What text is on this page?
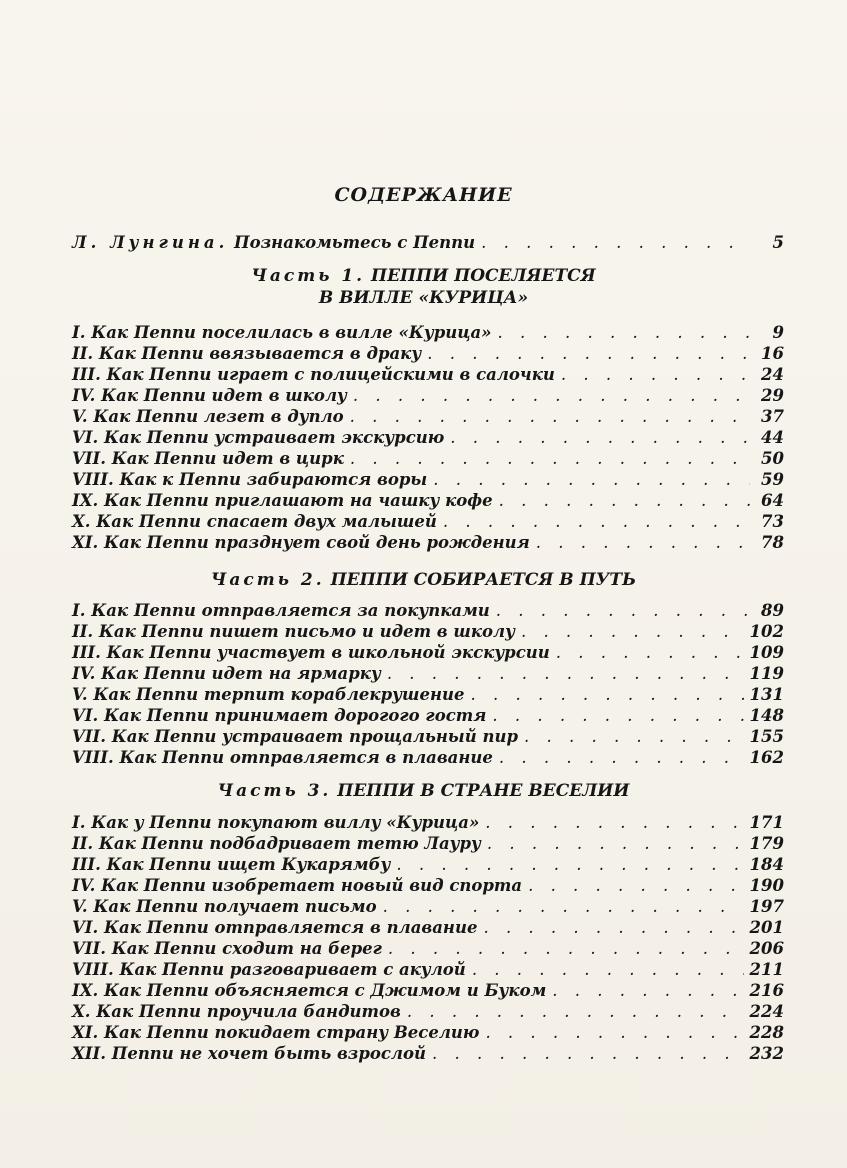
СОДЕРЖАНИЕ
Л. Лунгина. Познакомьтесь с Пеппи . . .	5
Часть 1. ПЕППИ ПОСЕЛЯЕТСЯ
В ВИЛЛЕ «КУРИЦА»
I. Как Пеппи поселилась в вилле «Курица» . . .	9
II. Как Пеппи ввязывается в драку . . .	16
III. Как Пеппи играет с полицейскими в салочки . . .	24
IV. Как Пеппи идет в школу . . .	29
V. Как Пеппи лезет в дупло . . .	37
VI. Как Пеппи устраивает экскурсию . . .	44
VII. Как Пеппи идет в цирк . . .	50
VIII. Как к Пеппи забираются воры . . .	59
IX. Как Пеппи приглашают на чашку кофе . . .	64
X. Как Пеппи спасает двух малышей . . .	73
XI. Как Пеппи празднует свой день рождения . . .	78
Часть 2. ПЕППИ СОБИРАЕТСЯ В ПУТЬ
I. Как Пеппи отправляется за покупками . . .	89
II. Как Пеппи пишет письмо и идет в школу . . .	102
III. Как Пеппи участвует в школьной экскурсии . . .	109
IV. Как Пеппи идет на ярмарку . . .	119
V. Как Пеппи терпит кораблекрушение . . .	131
VI. Как Пеппи принимает дорогого гостя . . .	148
VII. Как Пеппи устраивает прощальный пир . . .	155
VIII. Как Пеппи отправляется в плавание . . .	162
Часть 3. ПЕППИ В СТРАНЕ ВЕСЕЛИИ
I. Как у Пеппи покупают виллу «Курица» . . .	171
II. Как Пеппи подбадривает тетю Лауру . . .	179
III. Как Пеппи ищет Кукарямбу . . .	184
IV. Как Пеппи изобретает новый вид спорта . . .	190
V. Как Пеппи получает письмо . . .	197
VI. Как Пеппи отправляется в плавание . . .	201
VII. Как Пеппи сходит на берег . . .	206
VIII. Как Пеппи разговаривает с акулой . . .	211
IX. Как Пеппи объясняется с Джимом и Буком . . .	216
X. Как Пеппи проучила бандитов . . .	224
XI. Как Пеппи покидает страну Веселию . . .	228
XII. Пеппи не хочет быть взрослой . . .	232
